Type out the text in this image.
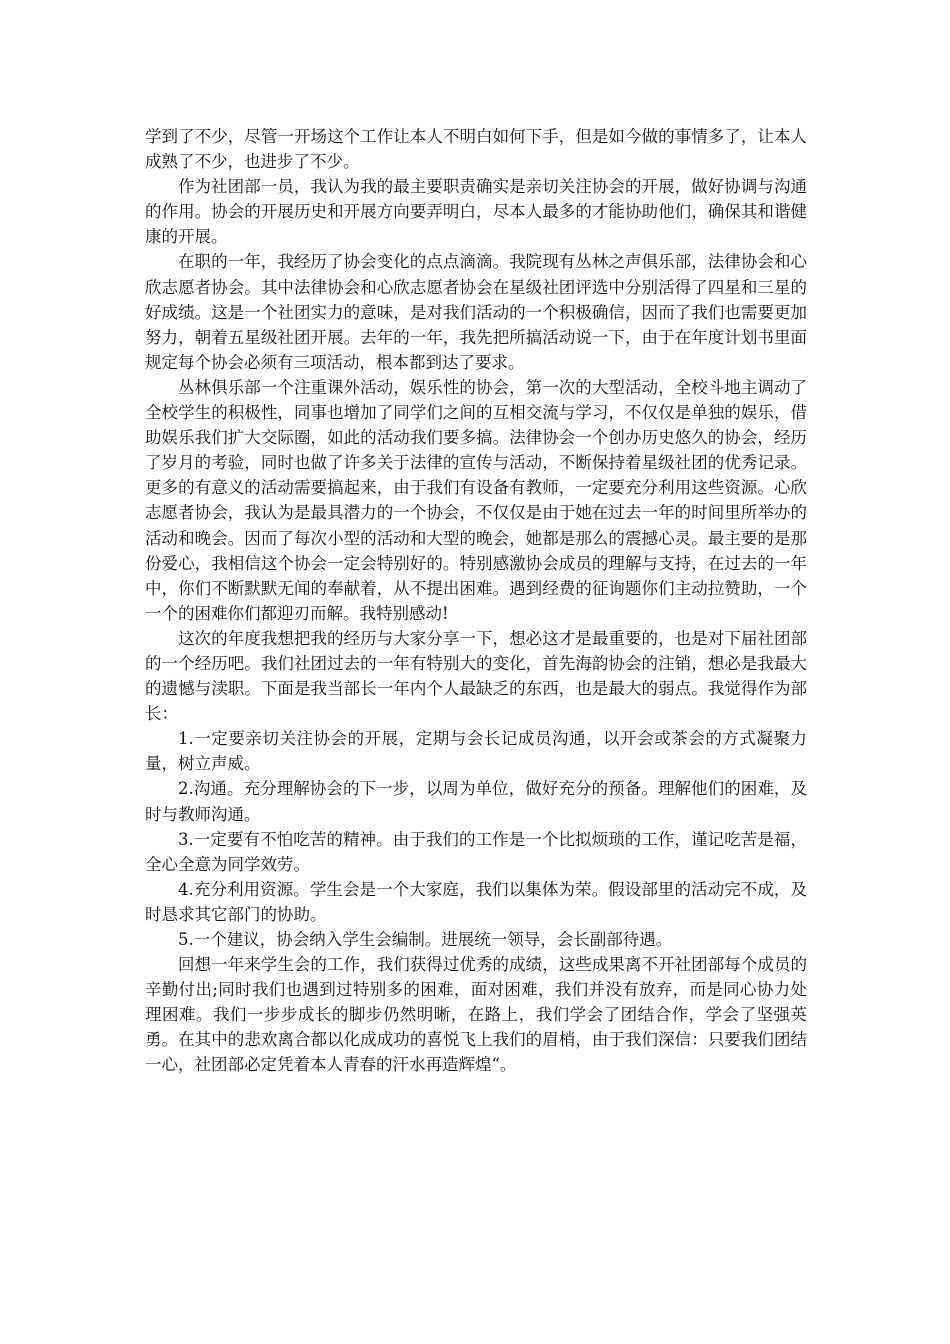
学到了不少，尽管一开场这个工作让本人不明白如何下手，但是如今做的事情多了，让本人成熟了不少，也进步了不少。

作为社团部一员，我认为我的最主要职责确实是亲切关注协会的开展，做好协调与沟通的作用。协会的开展历史和开展方向要弄明白，尽本人最多的才能协助他们，确保其和谐健康的开展。

在职的一年，我经历了协会变化的点点滴滴。我院现有丛林之声俱乐部，法律协会和心欣志愿者协会。其中法律协会和心欣志愿者协会在星级社团评选中分别活得了四星和三星的好成绩。这是一个社团实力的意味，是对我们活动的一个积极确信，因而了我们也需要更加努力，朝着五星级社团开展。去年的一年，我先把所搞活动说一下，由于在年度计划书里面规定每个协会必须有三项活动，根本都到达了要求。

丛林俱乐部一个注重课外活动，娱乐性的协会，第一次的大型活动，全校斗地主调动了全校学生的积极性，同事也增加了同学们之间的互相交流与学习，不仅仅是单独的娱乐，借助娱乐我们扩大交际圈，如此的活动我们要多搞。法律协会一个创办历史悠久的协会，经历了岁月的考验，同时也做了许多关于法律的宣传与活动，不断保持着星级社团的优秀记录。更多的有意义的活动需要搞起来，由于我们有设备有教师，一定要充分利用这些资源。心欣志愿者协会，我认为是最具潜力的一个协会，不仅仅是由于她在过去一年的时间里所举办的活动和晚会。因而了每次小型的活动和大型的晚会，她都是那么的震撼心灵。最主要的是那份爱心，我相信这个协会一定会特别好的。特别感激协会成员的理解与支持，在过去的一年中，你们不断默默无闻的奉献着，从不提出困难。遇到经费的征询题你们主动拉赞助，一个一个的困难你们都迎刃而解。我特别感动!

这次的年度我想把我的经历与大家分享一下，想必这才是最重要的，也是对下届社团部的一个经历吧。我们社团过去的一年有特别大的变化，首先海韵协会的注销，想必是我最大的遗憾与渎职。下面是我当部长一年内个人最缺乏的东西，也是最大的弱点。我觉得作为部长：

1.一定要亲切关注协会的开展，定期与会长记成员沟通，以开会或茶会的方式凝聚力量，树立声威。

2.沟通。充分理解协会的下一步，以周为单位，做好充分的预备。理解他们的困难，及时与教师沟通。

3.一定要有不怕吃苦的精神。由于我们的工作是一个比拟烦琐的工作，谨记吃苦是福，全心全意为同学效劳。

4.充分利用资源。学生会是一个大家庭，我们以集体为荣。假设部里的活动完不成，及时恳求其它部门的协助。

5.一个建议，协会纳入学生会编制。进展统一领导，会长副部待遇。

回想一年来学生会的工作，我们获得过优秀的成绩，这些成果离不开社团部每个成员的辛勤付出;同时我们也遇到过特别多的困难，面对困难，我们并没有放弃，而是同心协力处理困难。我们一步步成长的脚步仍然明晰，在路上，我们学会了团结合作，学会了坚强英勇。在其中的悲欢离合都以化成成功的喜悦飞上我们的眉梢，由于我们深信：只要我们团结一心，社团部必定凭着本人青春的汗水再造辉煌“。
